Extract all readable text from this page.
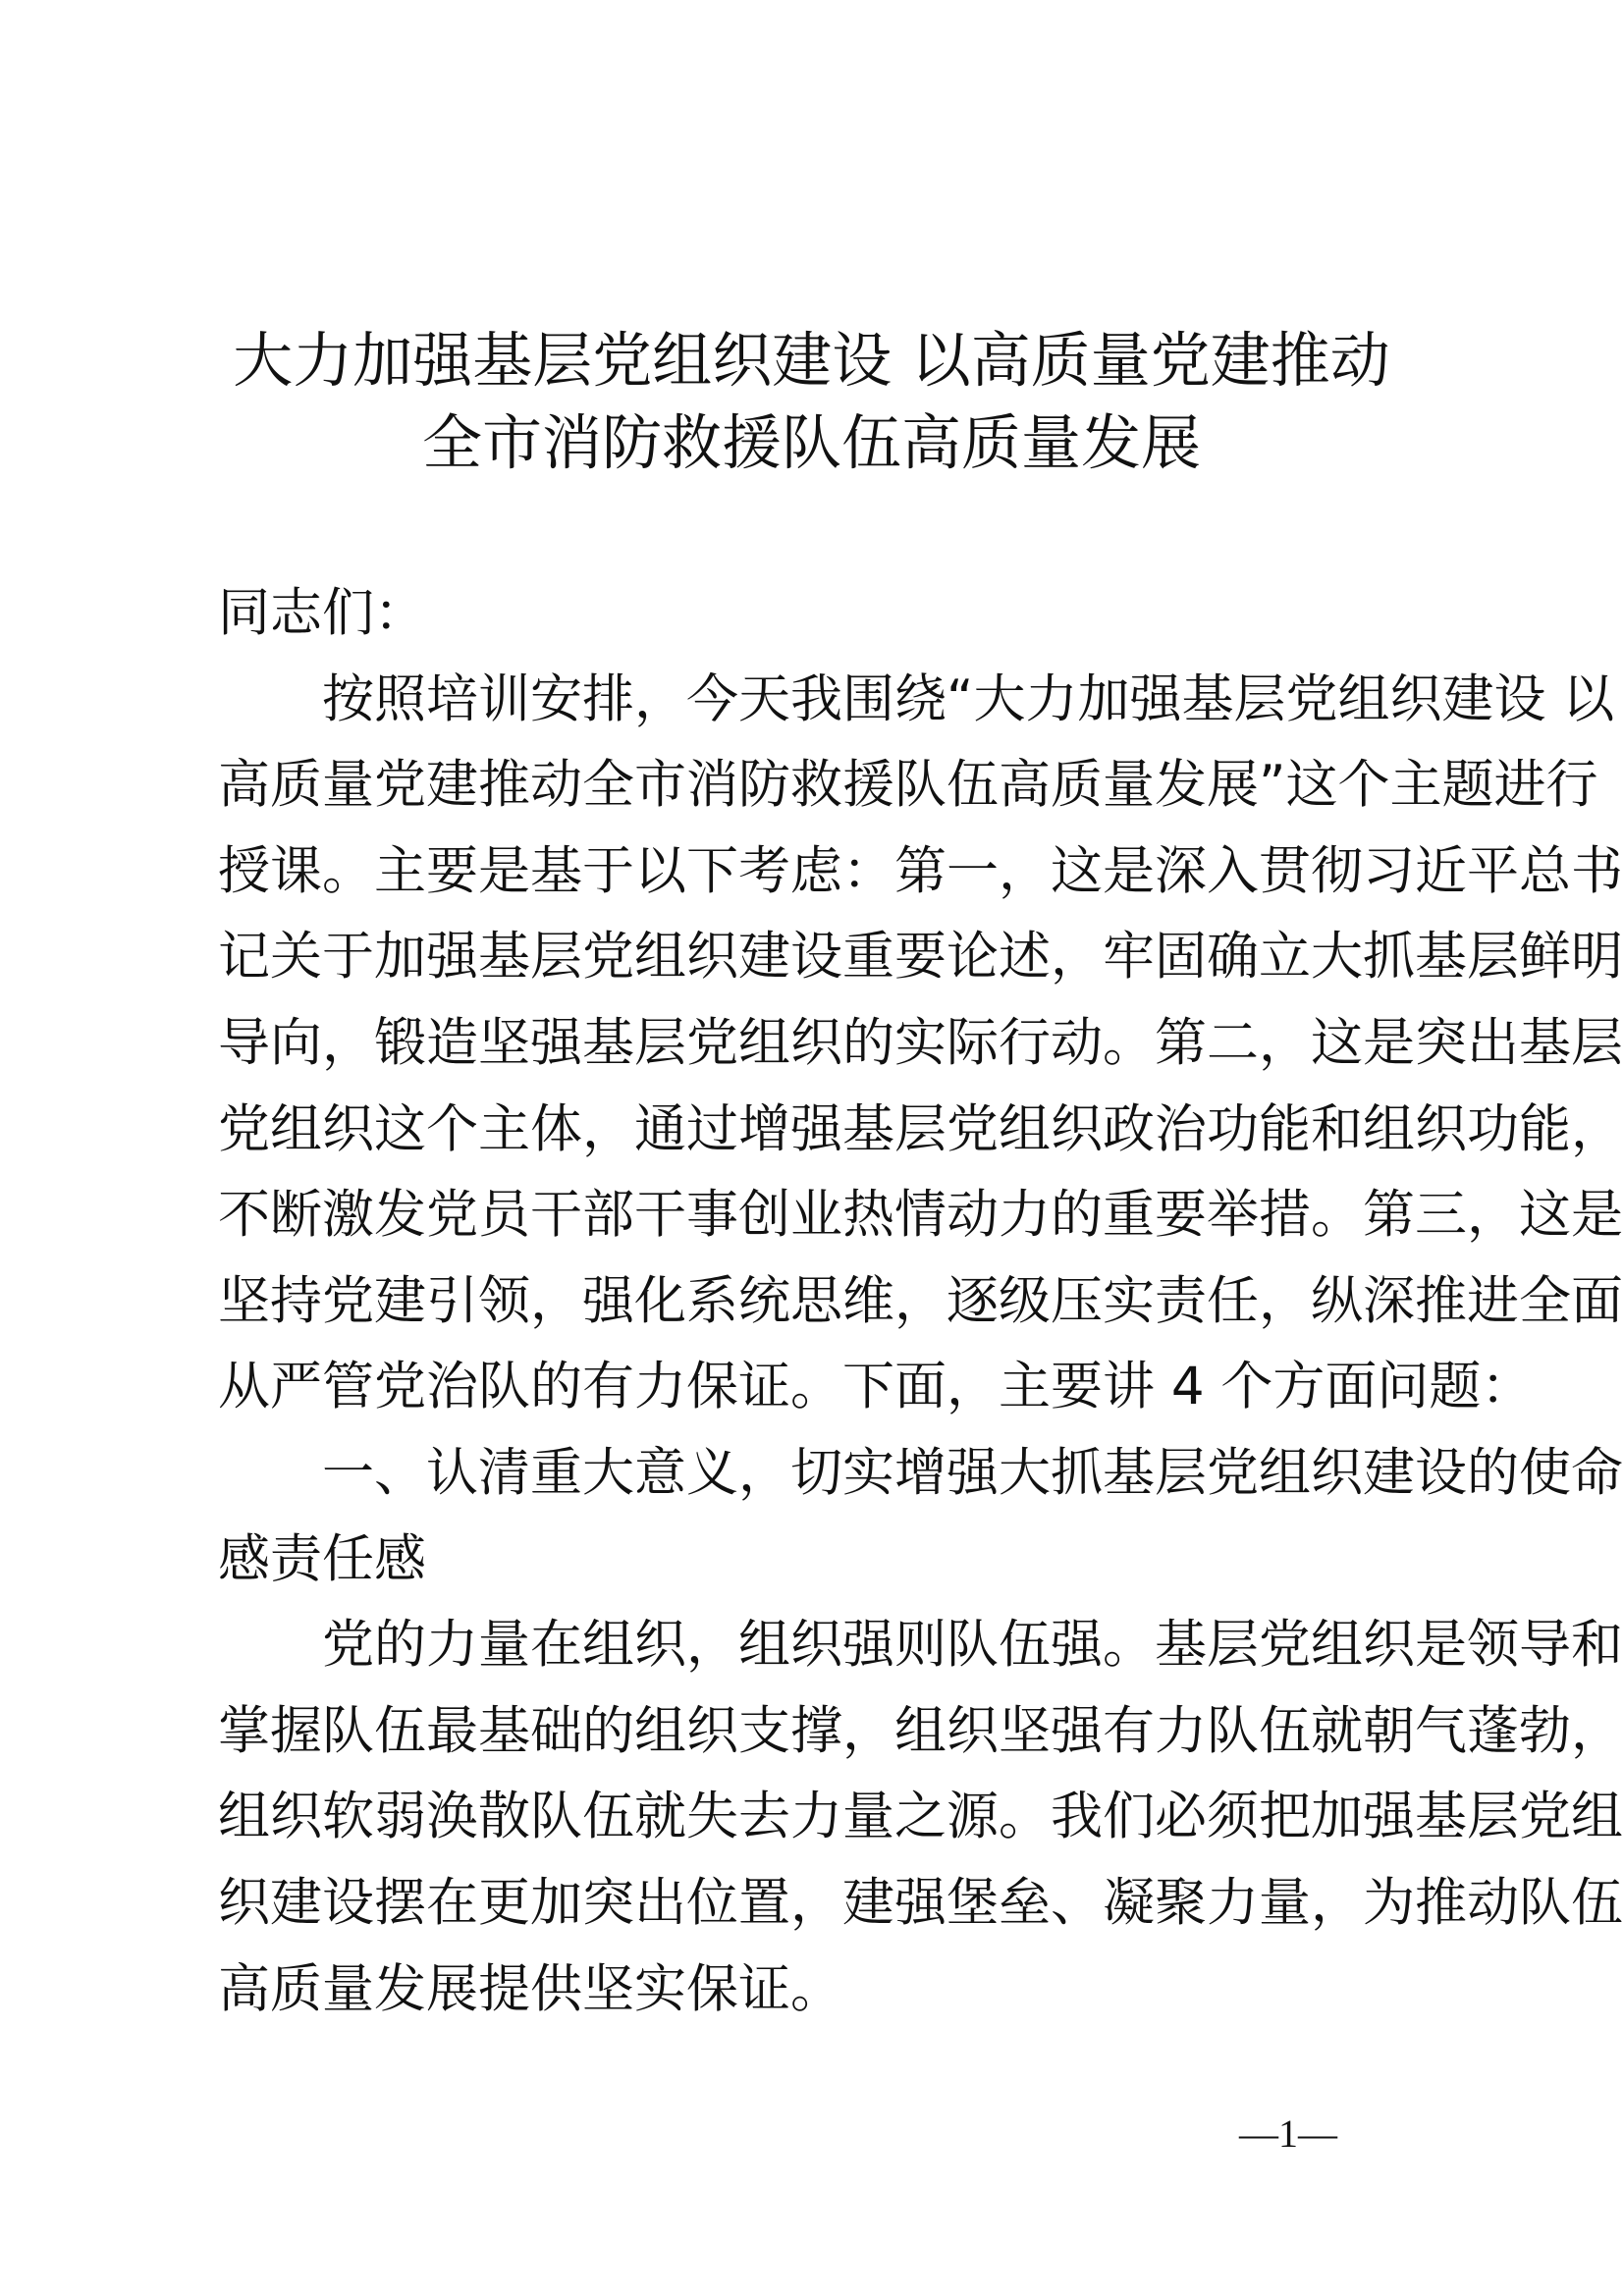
大力加强基层党组织建设 以高质量党建推动
全市消防救援队伍高质量发展
同志们：
按照培训安排，今天我围绕“大力加强基层党组织建设 以
高质量党建推动全市消防救援队伍高质量发展”这个主题进行
授课。主要是基于以下考虑：第一，这是深入贯彻习近平总书
记关于加强基层党组织建设重要论述，牢固确立大抓基层鲜明
导向，锻造坚强基层党组织的实际行动。第二，这是突出基层
党组织这个主体，通过增强基层党组织政治功能和组织功能，
不断激发党员干部干事创业热情动力的重要举措。第三，这是
坚持党建引领，强化系统思维，逐级压实责任，纵深推进全面
从严管党治队的有力保证。下面，主要讲 4 个方面问题：
一、认清重大意义，切实增强大抓基层党组织建设的使命
感责任感
党的力量在组织，组织强则队伍强。基层党组织是领导和
掌握队伍最基础的组织支撑，组织坚强有力队伍就朝气蓬勃，
组织软弱涣散队伍就失去力量之源。我们必须把加强基层党组
织建设摆在更加突出位置，建强堡垒、凝聚力量，为推动队伍
高质量发展提供坚实保证。
—1—
